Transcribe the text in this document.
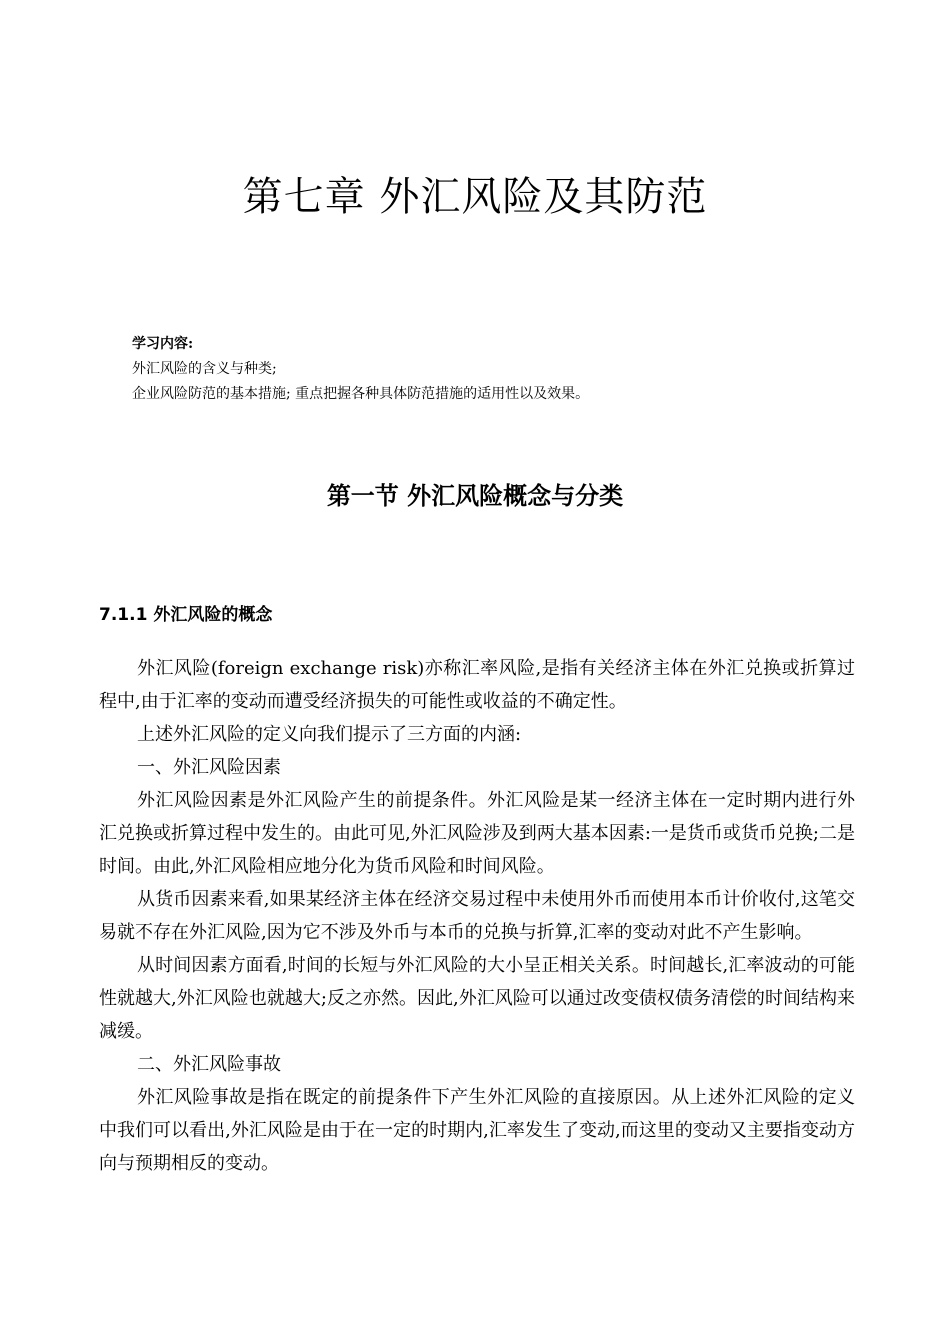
第七章 外汇风险及其防范

学习内容:

外汇风险的含义与种类;

企业风险防范的基本措施; 重点把握各种具体防范措施的适用性以及效果。

第一节 外汇风险概念与分类
7.1.1 外汇风险的概念

外汇风险(foreign exchange risk)亦称汇率风险,是指有关经济主体在外汇兑换或折算过程中,由于汇率的变动而遭受经济损失的可能性或收益的不确定性。

上述外汇风险的定义向我们提示了三方面的内涵:

一、外汇风险因素

外汇风险因素是外汇风险产生的前提条件。外汇风险是某一经济主体在一定时期内进行外汇兑换或折算过程中发生的。由此可见,外汇风险涉及到两大基本因素:一是货币或货币兑换;二是时间。由此,外汇风险相应地分化为货币风险和时间风险。

从货币因素来看,如果某经济主体在经济交易过程中未使用外币而使用本币计价收付,这笔交易就不存在外汇风险,因为它不涉及外币与本币的兑换与折算,汇率的变动对此不产生影响。

从时间因素方面看,时间的长短与外汇风险的大小呈正相关关系。时间越长,汇率波动的可能性就越大,外汇风险也就越大;反之亦然。因此,外汇风险可以通过改变债权债务清偿的时间结构来减缓。

二、外汇风险事故

外汇风险事故是指在既定的前提条件下产生外汇风险的直接原因。从上述外汇风险的定义中我们可以看出,外汇风险是由于在一定的时期内,汇率发生了变动,而这里的变动又主要指变动方向与预期相反的变动。
